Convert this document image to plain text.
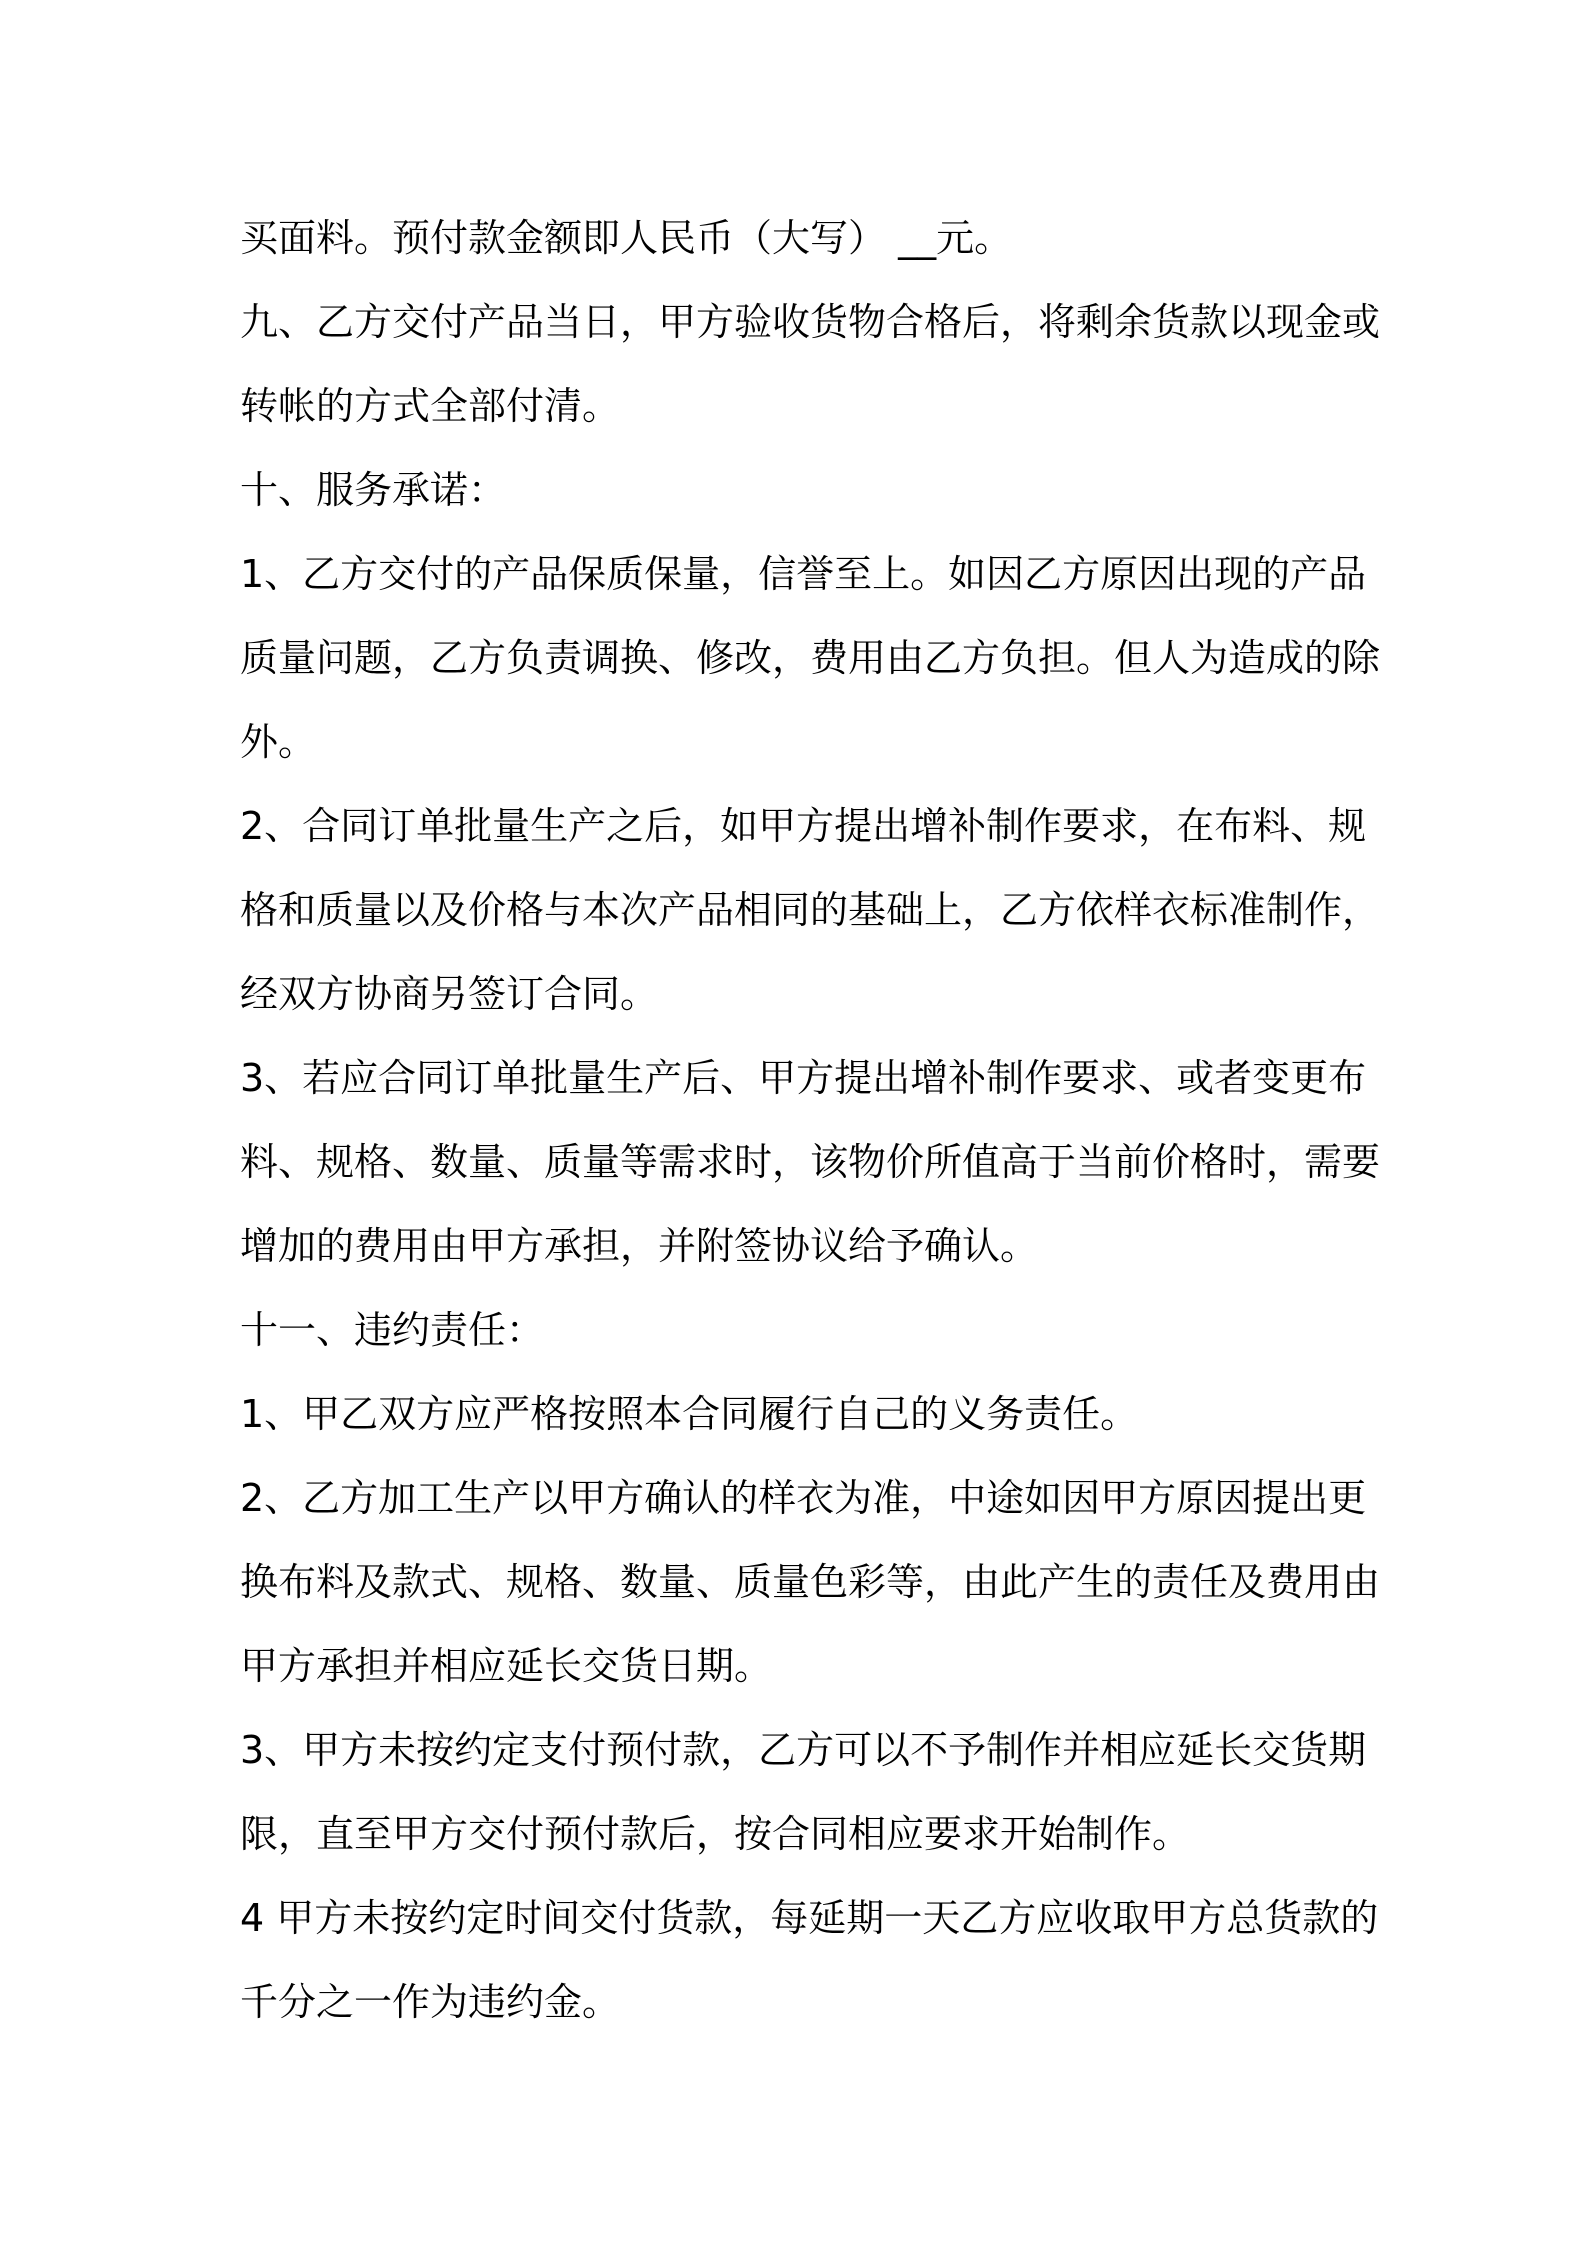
买面料。预付款金额即人民币（大写） __元。
九、乙方交付产品当日，甲方验收货物合格后，将剩余货款以现金或
转帐的方式全部付清。
十、服务承诺：
1、乙方交付的产品保质保量，信誉至上。如因乙方原因出现的产品
质量问题，乙方负责调换、修改，费用由乙方负担。但人为造成的除
外。
2、合同订单批量生产之后，如甲方提出增补制作要求，在布料、规
格和质量以及价格与本次产品相同的基础上，乙方依样衣标准制作，
经双方协商另签订合同。
3、若应合同订单批量生产后、甲方提出增补制作要求、或者变更布
料、规格、数量、质量等需求时，该物价所值高于当前价格时，需要
增加的费用由甲方承担，并附签协议给予确认。
十一、违约责任：
1、甲乙双方应严格按照本合同履行自己的义务责任。
2、乙方加工生产以甲方确认的样衣为准，中途如因甲方原因提出更
换布料及款式、规格、数量、质量色彩等，由此产生的责任及费用由
甲方承担并相应延长交货日期。
3、甲方未按约定支付预付款，乙方可以不予制作并相应延长交货期
限，直至甲方交付预付款后，按合同相应要求开始制作。
4 甲方未按约定时间交付货款，每延期一天乙方应收取甲方总货款的
千分之一作为违约金。
